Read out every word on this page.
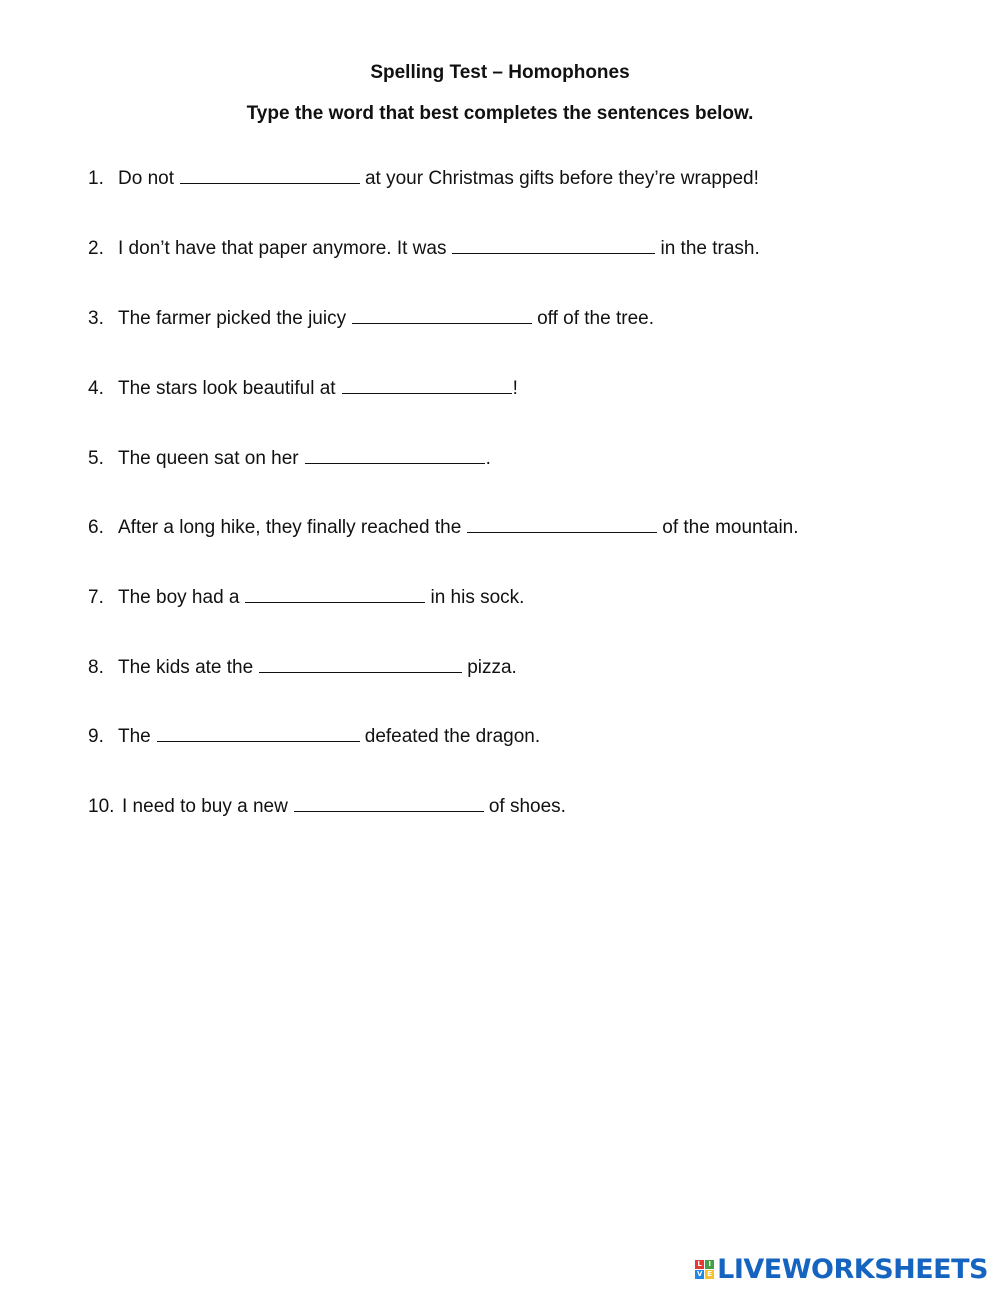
Spelling Test – Homophones
Type the word that best completes the sentences below.
1. Do not	at your Christmas gifts before they’re wrapped!
2. I don’t have that paper anymore. It was	in the trash.
3. The farmer picked the juicy	off of the tree.
4. The stars look beautiful at	!
5. The queen sat on her	.
6. After a long hike, they finally reached the	of the mountain.
7. The boy had a	in his sock.
8. The kids ate the	pizza.
9. The	defeated the dragon.
10. I need to buy a new	of shoes.
L I
V E LIVEWORKSHEETS
